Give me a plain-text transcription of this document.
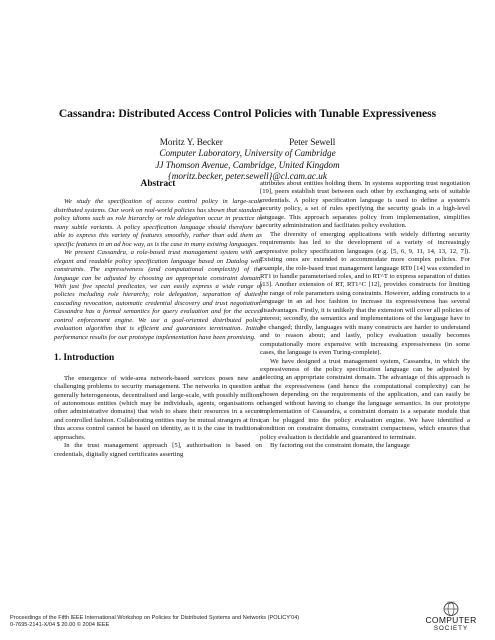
Cassandra: Distributed Access Control Policies with Tunable Expressiveness
Moritz Y. Becker	Peter Sewell
Computer Laboratory, University of Cambridge
JJ Thomson Avenue, Cambridge, United Kingdom
{moritz.becker, peter.sewell}@cl.cam.ac.uk
Abstract

We study the specification of access control policy in large-scale distributed systems. Our work on real-world policies has shown that standard policy idioms such as role hierarchy or role delegation occur in practice in many subtle variants. A policy specification language should therefore be able to express this variety of features smoothly, rather than add them as specific features in an ad hoc way, as is the case in many existing languages.

We present Cassandra, a role-based trust management system with an elegant and readable policy specification language based on Datalog with constraints. The expressiveness (and computational complexity) of the language can be adjusted by choosing an appropriate constraint domain. With just five special predicates, we can easily express a wide range of policies including role hierarchy, role delegation, separation of duties, cascading revocation, automatic credential discovery and trust negotiation. Cassandra has a formal semantics for query evaluation and for the access control enforcement engine. We use a goal-oriented distributed policy evaluation algorithm that is efficient and guarantees termination. Initial performance results for our prototype implementation have been promising.

1. Introduction

The emergence of wide-area network-based services poses new and challenging problems to security management. The networks in question are generally heterogeneous, decentralised and large-scale, with possibly millions of autonomous entities (which may be individuals, agents, organisations or other administrative domains) that wish to share their resources in a secure and controlled fashion. Collaborating entities may be mutual strangers at first, thus access control cannot be based on identity, as it is the case in traditional approaches.

In the trust management approach [5], authorisation is based on credentials, digitally signed certificates asserting

attributes about entities holding them. In systems supporting trust negotiation [19], peers establish trust between each other by exchanging sets of suitable credentials. A policy specification language is used to define a system's security policy, a set of rules specifying the security goals in a high-level language. This approach separates policy from implementation, simplifies security administration and facilitates policy evolution.

The diversity of emerging applications with widely differing security requirements has led to the development of a variety of increasingly expressive policy specification languages (e.g. [5, 6, 9, 11, 14, 13, 12, 7]). Existing ones are extended to accommodate more complex policies. For example, the role-based trust management language RT0 [14] was extended to RT1 to handle parameterised roles, and to RT^T to express separation of duties [13]. Another extension of RT, RT1^C [12], provides constructs for limiting the range of role parameters using constraints. However, adding constructs to a language in an ad hoc fashion to increase its expressiveness has several disadvantages. Firstly, it is unlikely that the extension will cover all policies of interest; secondly, the semantics and implementations of the language have to be changed; thirdly, languages with many constructs are harder to understand and to reason about; and lastly, policy evaluation usually becomes computationally more expensive with increasing expressiveness (in some cases, the language is even Turing-complete).

We have designed a trust management system, Cassandra, in which the expressiveness of the policy specification language can be adjusted by selecting an appropriate constraint domain. The advantage of this approach is that the expressiveness (and hence the computational complexity) can be chosen depending on the requirements of the application, and can easily be changed without having to change the language semantics. In our prototype implementation of Cassandra, a constraint domain is a separate module that can be plugged into the policy evaluation engine. We have identified a condition on constraint domains, constraint compactness, which ensures that policy evaluation is decidable and guaranteed to terminate.

By factoring out the constraint domain, the language

Proceedings of the Fifth IEEE International Workshop on Policies for Distributed Systems and Networks (POLICY'04)
0-7695-2141-X/04 $ 20.00 © 2004 IEEE
IEEE
COMPUTER
SOCIETY
